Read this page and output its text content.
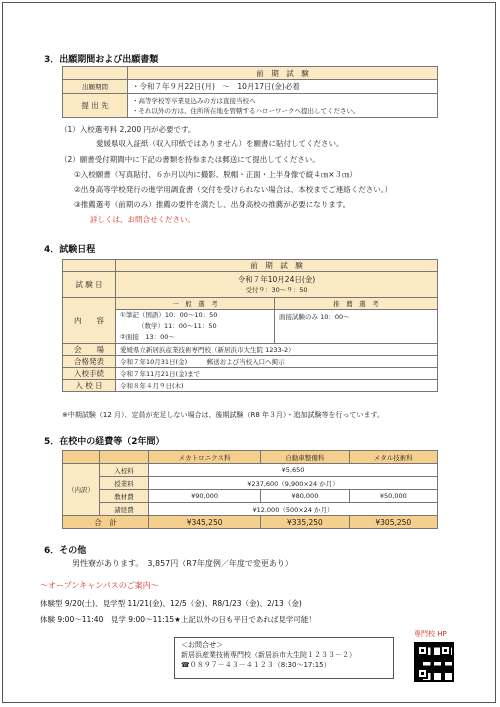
3．出願期間および出願書類
	前　期　試　験
出願期間	・令和７年９月22日(月)　～　10月17日(金)必着
提 出 先	・高等学校等卒業見込みの方は直接当校へ
・それ以外の方は、住所所在地を管轄するハローワークへ提出してください。
（1）入校選考料 2,200 円が必要です。
愛媛県収入証紙（収入印紙ではありません）を願書に貼付してください。
（2）願書受付期間中に下記の書類を持参または郵送にて提出してください。
①入校願書（写真貼付、６か月以内に撮影、脱帽・正面・上半身像で縦４㎝×３㎝）
②出身高等学校発行の進学用調査書（交付を受けられない場合は、本校までご連絡ください。）
③推薦選考（前期のみ）推薦の要件を満たし、出身高校の推薦が必要になります。
詳しくは、お問合せください。
4．試験日程
	前　期　試　験	
試 験 日	令和７年10月24日(金)
受付９：30～９：50	

内　　容	一　般　選　考	推　薦　選　考

	①筆記（国語）10：00～10：50
（数学）11：00～11：50
②面接　13：00～	面接試験のみ 10：00～
会　　場	愛媛県立新居浜産業技術専門校（新居浜市大生院 1233-2）	
合格発表	令和７年10月31日(金)　　　郵送および当校入口へ掲示	
入校手続	令和７年11月21日(金)まで	
入 校 日	令和８年４月９日(木)	
※中期試験（12 月）、定員が充足しない場合は、後期試験（R8 年３月）・追加試験等を行っています。
5．在校中の経費等（2年間）
		メカトロニクス科	自動車整備科	メタル技術科
（内訳）	入校料	¥5,650		
	授業料	¥237,600（9,900×24 か月）		
	教材費	¥90,000	¥80,000	¥50,000
	諸経費	¥12,000（500×24 か月）		
合　計		¥345,250	¥335,250	¥305,250
6．その他
男性寮があります。　3,857円（R7年度例／年度で変更あり）
～オープンキャンパスのご案内～
体験型 9/20(土)、見学型 11/21(金)、12/5（金)、R8/1/23（金)、2/13（金)
体験 9:00～11:40　見学 9:00～11:15★上記以外の日も平日であれば見学可能！
＜お問合せ＞
新居浜産業技術専門校（新居浜市大生院１２３３－２）
☎０８９７－４３－４１２３（8:30～17:15）
専門校 HP
